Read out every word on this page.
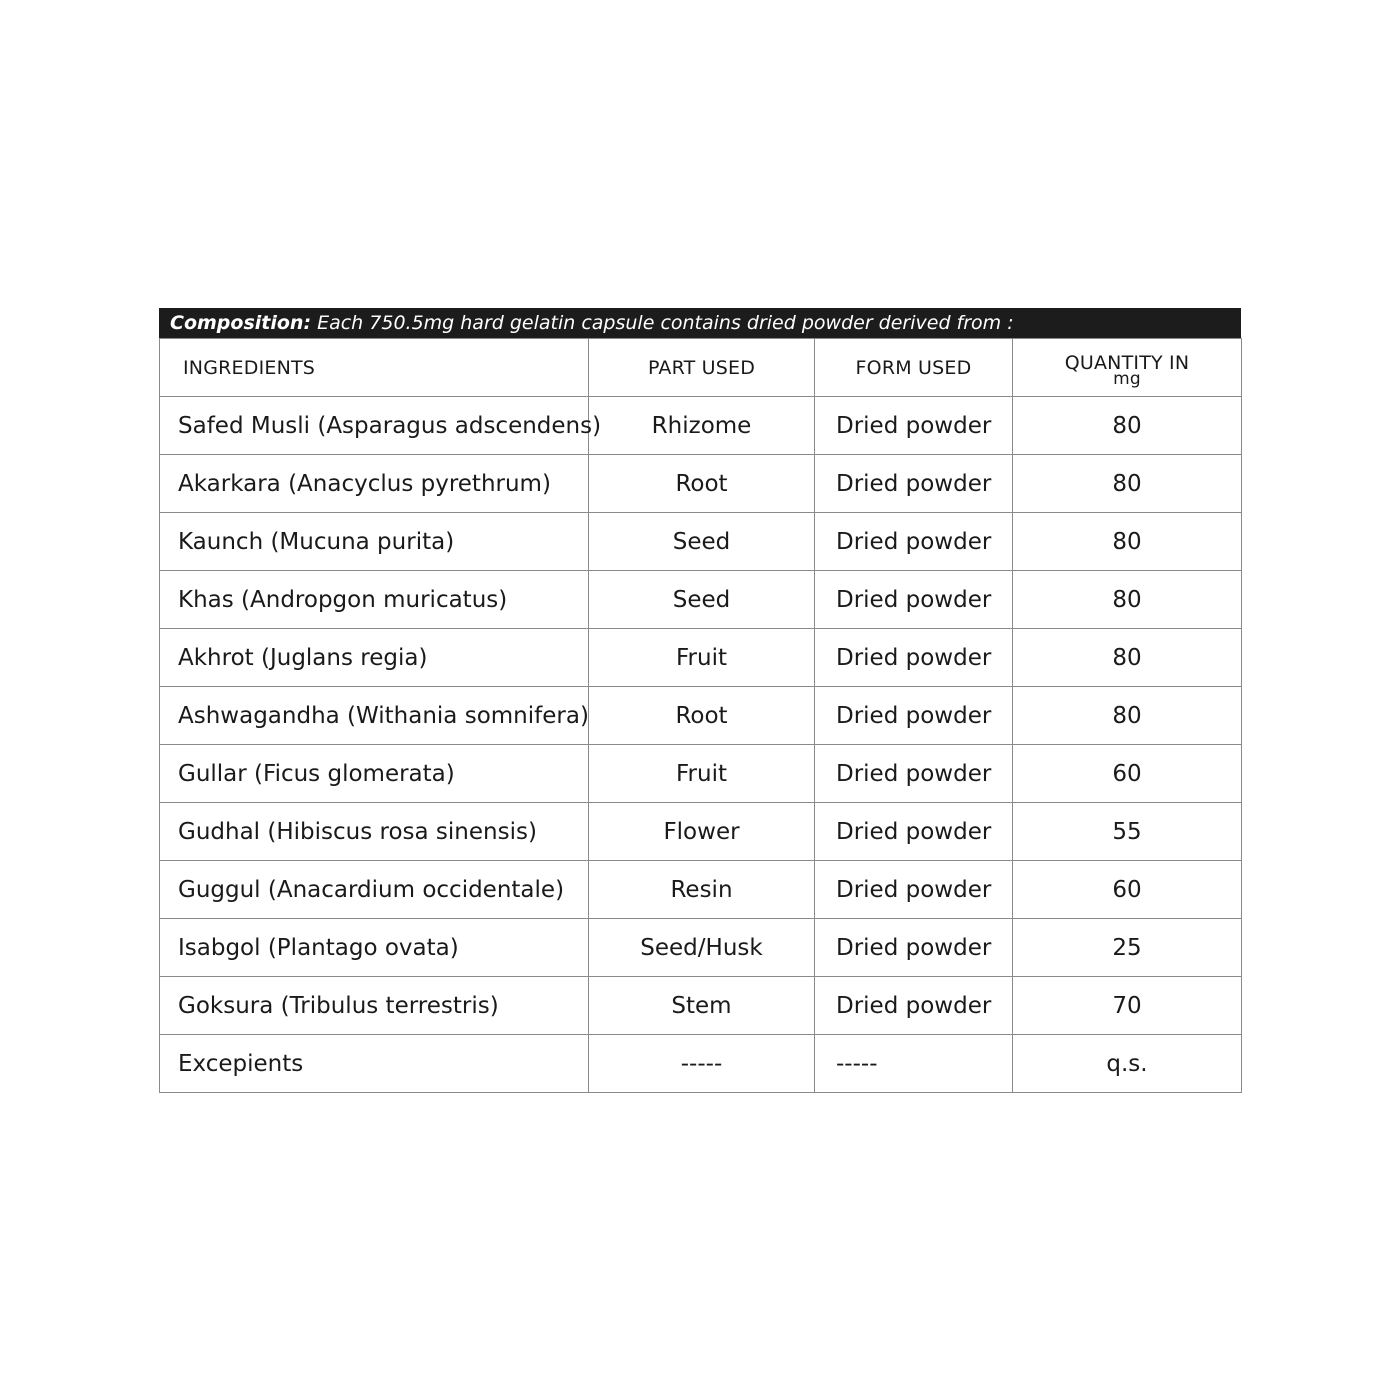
Composition: Each 750.5mg hard gelatin capsule contains dried powder derived from :
INGREDIENTS	PART USED	FORM USED	QUANTITY IN
mg

Safed Musli (Asparagus adscendens)	Rhizome	Dried powder	80
Akarkara (Anacyclus pyrethrum)	Root	Dried powder	80
Kaunch (Mucuna purita)	Seed	Dried powder	80
Khas (Andropgon muricatus)	Seed	Dried powder	80
Akhrot (Juglans regia)	Fruit	Dried powder	80
Ashwagandha (Withania somnifera)	Root	Dried powder	80
Gullar (Ficus glomerata)	Fruit	Dried powder	60
Gudhal (Hibiscus rosa sinensis)	Flower	Dried powder	55
Guggul (Anacardium occidentale)	Resin	Dried powder	60
Isabgol (Plantago ovata)	Seed/Husk	Dried powder	25
Goksura (Tribulus terrestris)	Stem	Dried powder	70
Excepients	-----	-----	q.s.
